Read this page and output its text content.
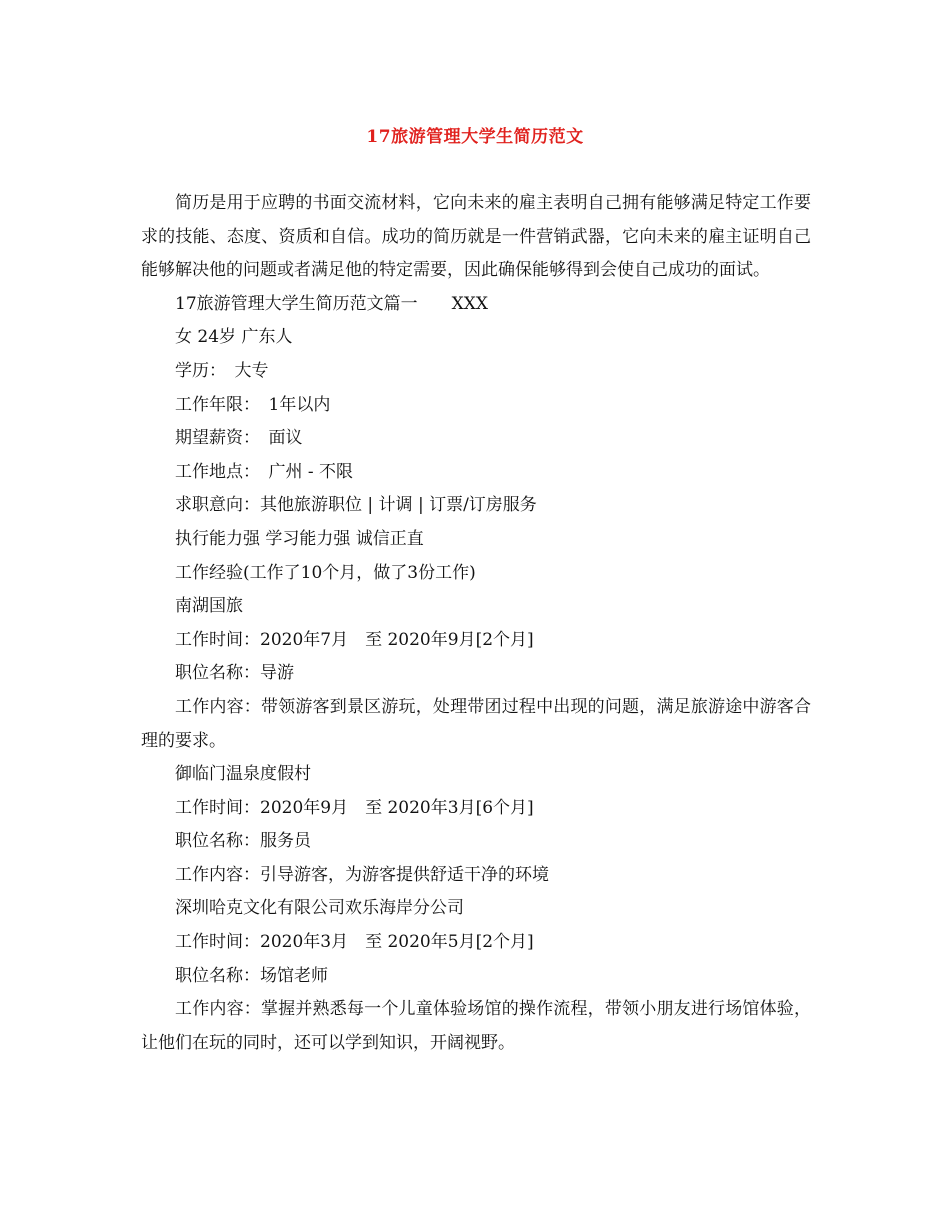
17旅游管理大学生简历范文

简历是用于应聘的书面交流材料，它向未来的雇主表明自己拥有能够满足特定工作要求的技能、态度、资质和自信。成功的简历就是一件营销武器，它向未来的雇主证明自己能够解决他的问题或者满足他的特定需要，因此确保能够得到会使自己成功的面试。

17旅游管理大学生简历范文篇一　　XXX

女 24岁 广东人

学历：　大专

工作年限：　1年以内

期望薪资：　面议

工作地点：　广州 - 不限

求职意向：其他旅游职位 | 计调 | 订票/订房服务

执行能力强 学习能力强 诚信正直

工作经验(工作了10个月，做了3份工作)

南湖国旅

工作时间：2020年7月　至 2020年9月[2个月]

职位名称：导游

工作内容：带领游客到景区游玩，处理带团过程中出现的问题，满足旅游途中游客合理的要求。

御临门温泉度假村

工作时间：2020年9月　至 2020年3月[6个月]

职位名称：服务员

工作内容：引导游客，为游客提供舒适干净的环境

深圳哈克文化有限公司欢乐海岸分公司

工作时间：2020年3月　至 2020年5月[2个月]

职位名称：场馆老师

工作内容：掌握并熟悉每一个儿童体验场馆的操作流程，带领小朋友进行场馆体验，让他们在玩的同时，还可以学到知识，开阔视野。
